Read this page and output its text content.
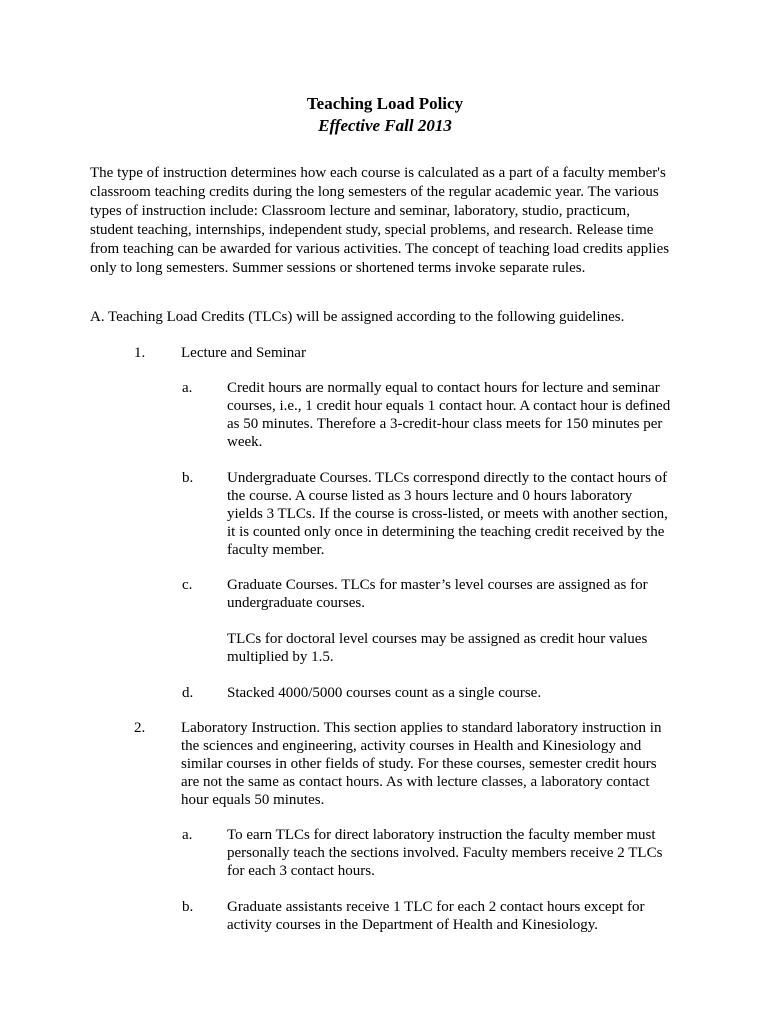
Teaching Load Policy
Effective Fall 2013
The type of instruction determines how each course is calculated as a part of a faculty member's
classroom teaching credits during the long semesters of the regular academic year. The various
types of instruction include: Classroom lecture and seminar, laboratory, studio, practicum,
student teaching, internships, independent study, special problems, and research. Release time
from teaching can be awarded for various activities. The concept of teaching load credits applies
only to long semesters. Summer sessions or shortened terms invoke separate rules.
A. Teaching Load Credits (TLCs) will be assigned according to the following guidelines.
1. Lecture and Seminar
a. Credit hours are normally equal to contact hours for lecture and seminar
courses, i.e., 1 credit hour equals 1 contact hour. A contact hour is defined
as 50 minutes. Therefore a 3-credit-hour class meets for 150 minutes per
week.
b. Undergraduate Courses. TLCs correspond directly to the contact hours of
the course. A course listed as 3 hours lecture and 0 hours laboratory
yields 3 TLCs. If the course is cross-listed, or meets with another section,
it is counted only once in determining the teaching credit received by the
faculty member.
c. Graduate Courses. TLCs for master’s level courses are assigned as for
undergraduate courses.
TLCs for doctoral level courses may be assigned as credit hour values
multiplied by 1.5.
d. Stacked 4000/5000 courses count as a single course.
2. Laboratory Instruction. This section applies to standard laboratory instruction in
the sciences and engineering, activity courses in Health and Kinesiology and
similar courses in other fields of study. For these courses, semester credit hours
are not the same as contact hours. As with lecture classes, a laboratory contact
hour equals 50 minutes.
a. To earn TLCs for direct laboratory instruction the faculty member must
personally teach the sections involved. Faculty members receive 2 TLCs
for each 3 contact hours.
b. Graduate assistants receive 1 TLC for each 2 contact hours except for
activity courses in the Department of Health and Kinesiology.
